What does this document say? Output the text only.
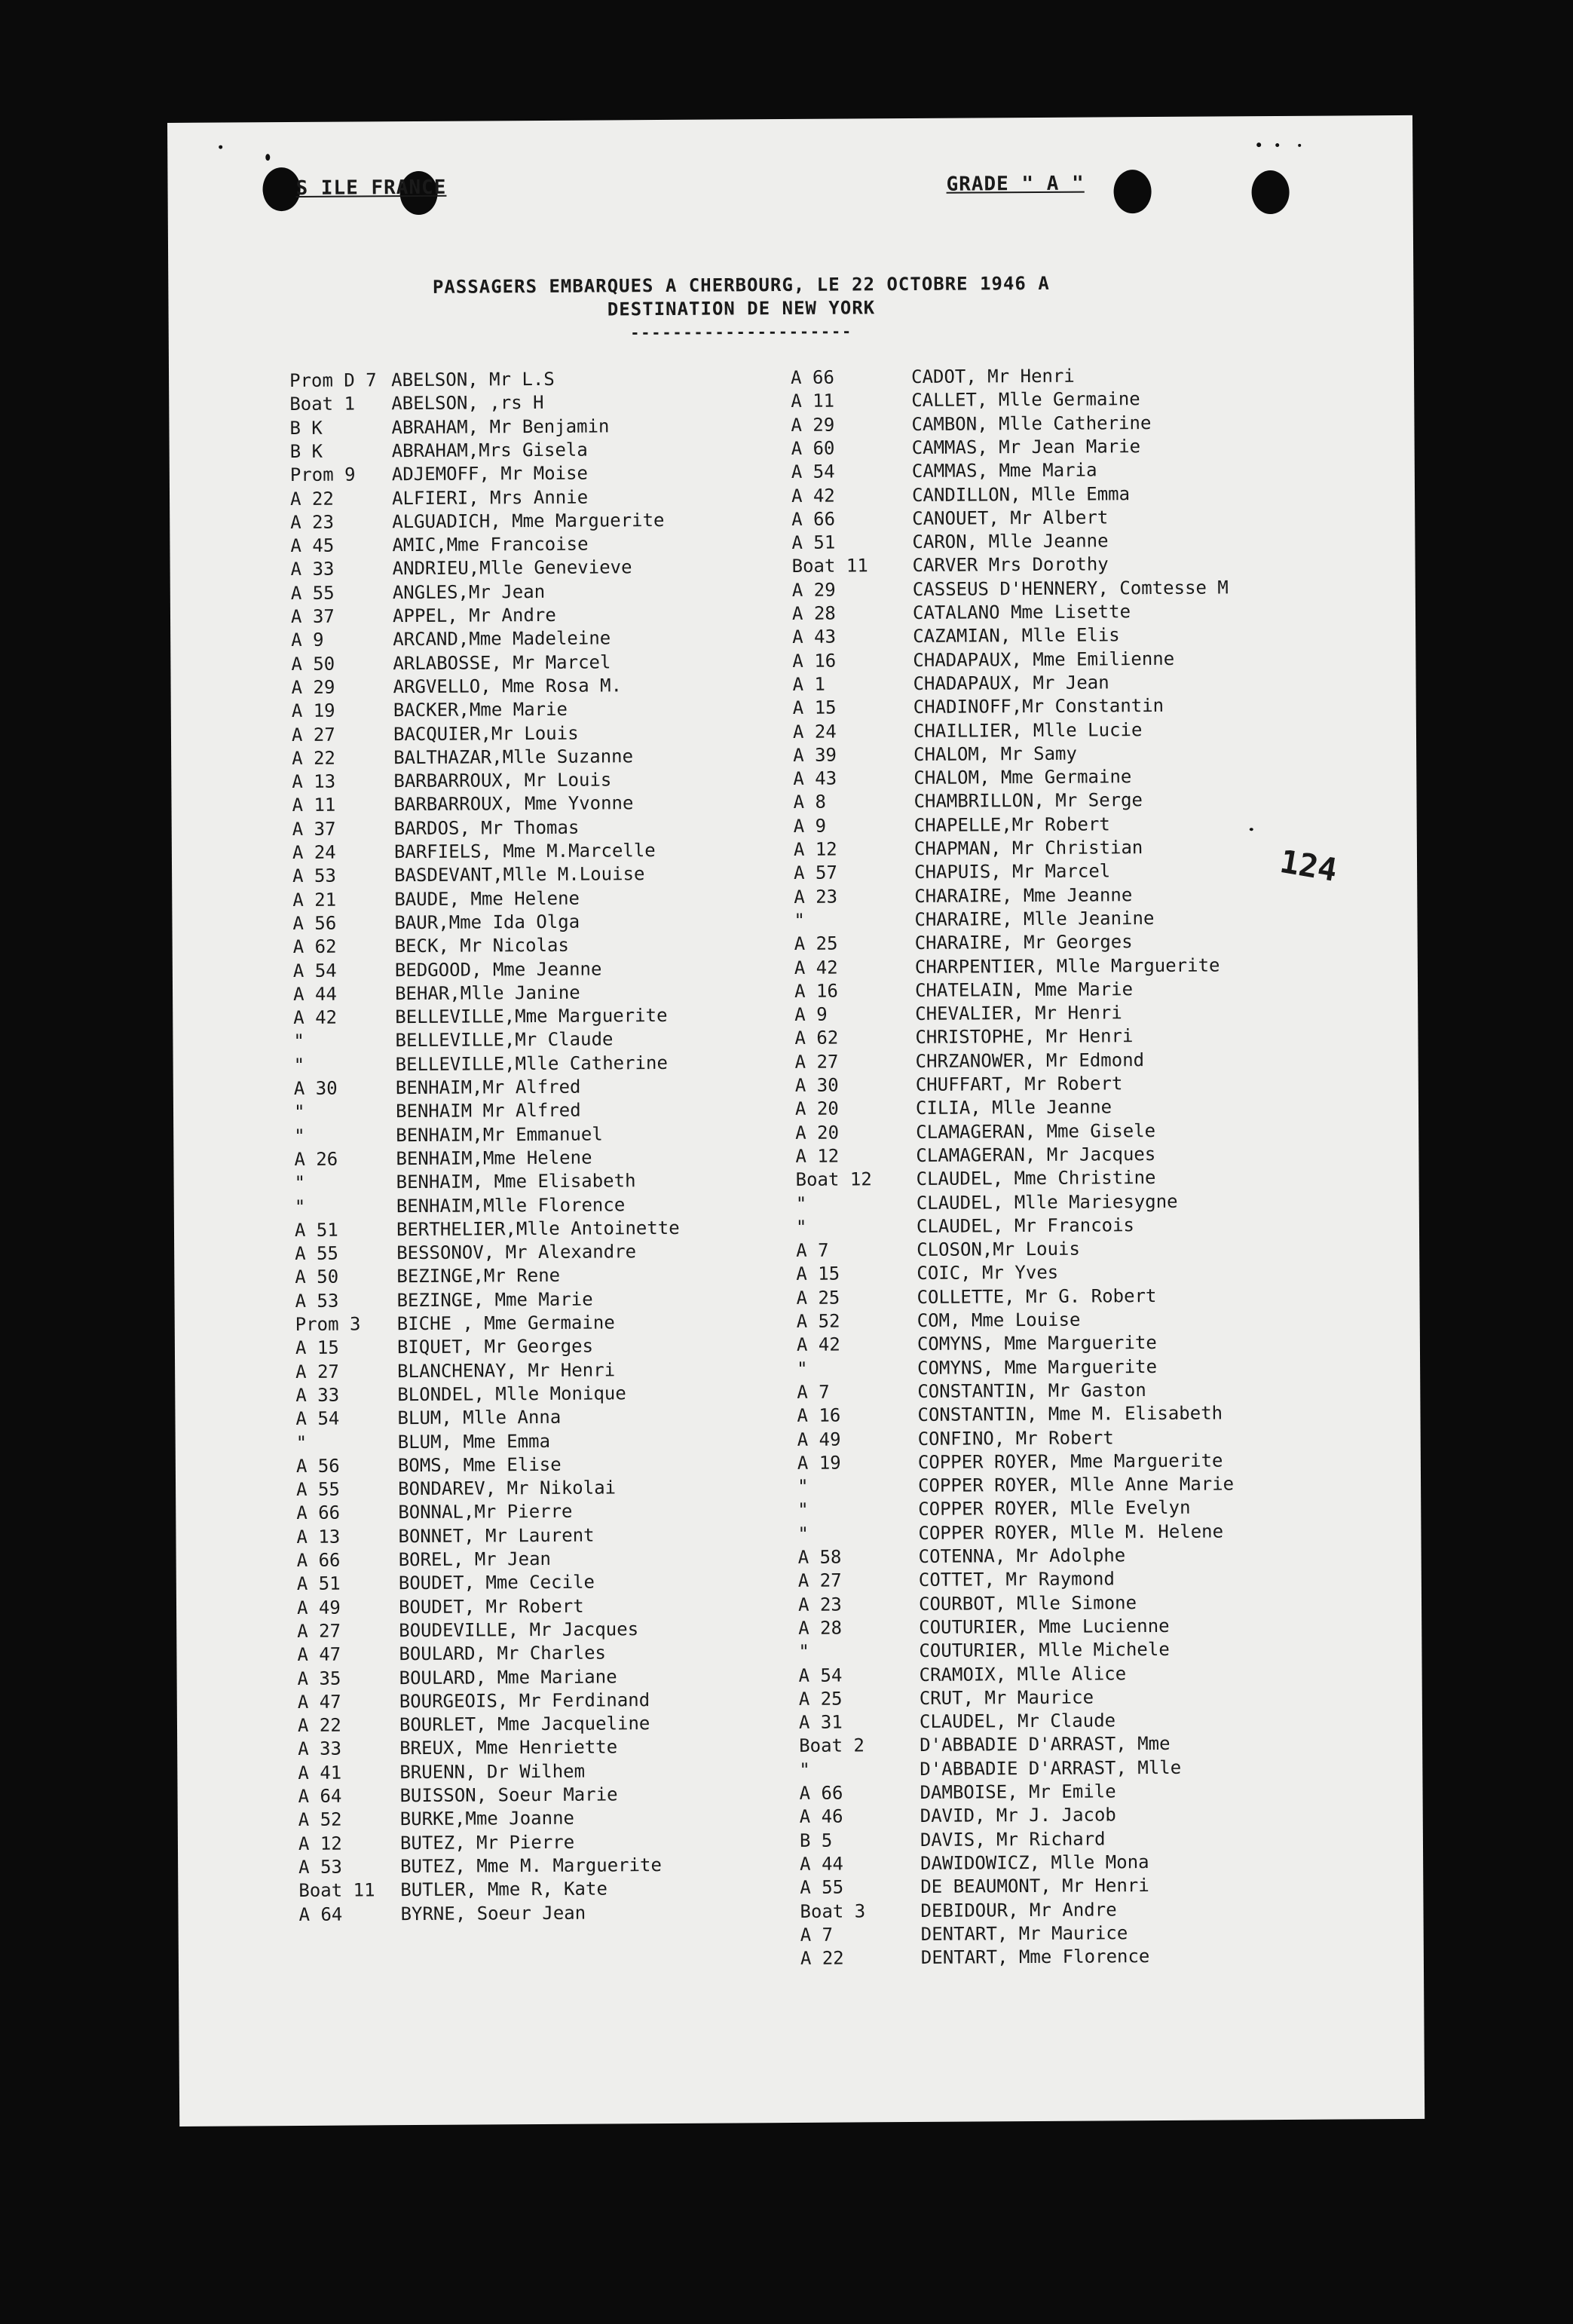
S ILE FRANCE	GRADE " A "
PASSAGERS EMBARQUES A CHERBOURG, LE 22 OCTOBRE 1946 A
DESTINATION DE NEW YORK
---------------------
124
Prom D 7 ABELSON, Mr L.S
Boat 1 ABELSON, ,rs H
B K	ABRAHAM, Mr Benjamin
B K	ABRAHAM,Mrs Gisela
Prom 9 ADJEMOFF, Mr Moise
A 22	ALFIERI, Mrs Annie
A 23	ALGUADICH, Mme Marguerite
A 45	AMIC,Mme Francoise
A 33	ANDRIEU,Mlle Genevieve
A 55	ANGLES,Mr Jean
A 37	APPEL, Mr Andre
A 9	ARCAND,Mme Madeleine
A 50	ARLABOSSE, Mr Marcel
A 29	ARGVELLO, Mme Rosa M.
A 19	BACKER,Mme Marie
A 27	BACQUIER,Mr Louis
A 22	BALTHAZAR,Mlle Suzanne
A 13	BARBARROUX, Mr Louis
A 11	BARBARROUX, Mme Yvonne
A 37	BARDOS, Mr Thomas
A 24	BARFIELS, Mme M.Marcelle
A 53	BASDEVANT,Mlle M.Louise
A 21	BAUDE, Mme Helene
A 56	BAUR,Mme Ida Olga
A 62	BECK, Mr Nicolas
A 54	BEDGOOD, Mme Jeanne
A 44	BEHAR,Mlle Janine
A 42	BELLEVILLE,Mme Marguerite
"	BELLEVILLE,Mr Claude
"	BELLEVILLE,Mlle Catherine
A 30	BENHAIM,Mr Alfred
"	BENHAIM Mr Alfred
"	BENHAIM,Mr Emmanuel
A 26	BENHAIM,Mme Helene
"	BENHAIM, Mme Elisabeth
"	BENHAIM,Mlle Florence
A 51	BERTHELIER,Mlle Antoinette
A 55	BESSONOV, Mr Alexandre
A 50	BEZINGE,Mr Rene
A 53	BEZINGE, Mme Marie
Prom 3 BICHE , Mme Germaine
A 15	BIQUET, Mr Georges
A 27	BLANCHENAY, Mr Henri
A 33	BLONDEL, Mlle Monique
A 54	BLUM, Mlle Anna
"	BLUM, Mme Emma
A 56	BOMS, Mme Elise
A 55	BONDAREV, Mr Nikolai
A 66	BONNAL,Mr Pierre
A 13	BONNET, Mr Laurent
A 66	BOREL, Mr Jean
A 51	BOUDET, Mme Cecile
A 49	BOUDET, Mr Robert
A 27	BOUDEVILLE, Mr Jacques
A 47	BOULARD, Mr Charles
A 35	BOULARD, Mme Mariane
A 47	BOURGEOIS, Mr Ferdinand
A 22	BOURLET, Mme Jacqueline
A 33	BREUX, Mme Henriette
A 41	BRUENN, Dr Wilhem
A 64	BUISSON, Soeur Marie
A 52	BURKE,Mme Joanne
A 12	BUTEZ, Mr Pierre
A 53	BUTEZ, Mme M. Marguerite
Boat 11 BUTLER, Mme R, Kate
A 64	BYRNE, Soeur Jean
A 66	CADOT, Mr Henri
A 11	CALLET, Mlle Germaine
A 29	CAMBON, Mlle Catherine
A 60	CAMMAS, Mr Jean Marie
A 54	CAMMAS, Mme Maria
A 42	CANDILLON, Mlle Emma
A 66	CANOUET, Mr Albert
A 51	CARON, Mlle Jeanne
Boat 11 CARVER Mrs Dorothy
A 29	CASSEUS D'HENNERY, Comtesse M
A 28	CATALANO Mme Lisette
A 43	CAZAMIAN, Mlle Elis
A 16	CHADAPAUX, Mme Emilienne
A 1	CHADAPAUX, Mr Jean
A 15	CHADINOFF,Mr Constantin
A 24	CHAILLIER, Mlle Lucie
A 39	CHALOM, Mr Samy
A 43	CHALOM, Mme Germaine
A 8	CHAMBRILLON, Mr Serge
A 9	CHAPELLE,Mr Robert
A 12	CHAPMAN, Mr Christian
A 57	CHAPUIS, Mr Marcel
A 23	CHARAIRE, Mme Jeanne
"	CHARAIRE, Mlle Jeanine
A 25	CHARAIRE, Mr Georges
A 42	CHARPENTIER, Mlle Marguerite
A 16	CHATELAIN, Mme Marie
A 9	CHEVALIER, Mr Henri
A 62	CHRISTOPHE, Mr Henri
A 27	CHRZANOWER, Mr Edmond
A 30	CHUFFART, Mr Robert
A 20	CILIA, Mlle Jeanne
A 20	CLAMAGERAN, Mme Gisele
A 12	CLAMAGERAN, Mr Jacques
Boat 12 CLAUDEL, Mme Christine
"	CLAUDEL, Mlle Mariesygne
"	CLAUDEL, Mr Francois
A 7	CLOSON,Mr Louis
A 15	COIC, Mr Yves
A 25	COLLETTE, Mr G. Robert
A 52	COM, Mme Louise
A 42	COMYNS, Mme Marguerite
"	COMYNS, Mme Marguerite
A 7	CONSTANTIN, Mr Gaston
A 16	CONSTANTIN, Mme M. Elisabeth
A 49	CONFINO, Mr Robert
A 19	COPPER ROYER, Mme Marguerite
"	COPPER ROYER, Mlle Anne Marie
"	COPPER ROYER, Mlle Evelyn
"	COPPER ROYER, Mlle M. Helene
A 58	COTENNA, Mr Adolphe
A 27	COTTET, Mr Raymond
A 23	COURBOT, Mlle Simone
A 28	COUTURIER, Mme Lucienne
"	COUTURIER, Mlle Michele
A 54	CRAMOIX, Mlle Alice
A 25	CRUT, Mr Maurice
A 31	CLAUDEL, Mr Claude
Boat 2	D'ABBADIE D'ARRAST, Mme
"	D'ABBADIE D'ARRAST, Mlle
A 66	DAMBOISE, Mr Emile
A 46	DAVID, Mr J. Jacob
B 5	DAVIS, Mr Richard
A 44	DAWIDOWICZ, Mlle Mona
A 55	DE BEAUMONT, Mr Henri
Boat 3	DEBIDOUR, Mr Andre
A 7	DENTART, Mr Maurice
A 22	DENTART, Mme Florence
